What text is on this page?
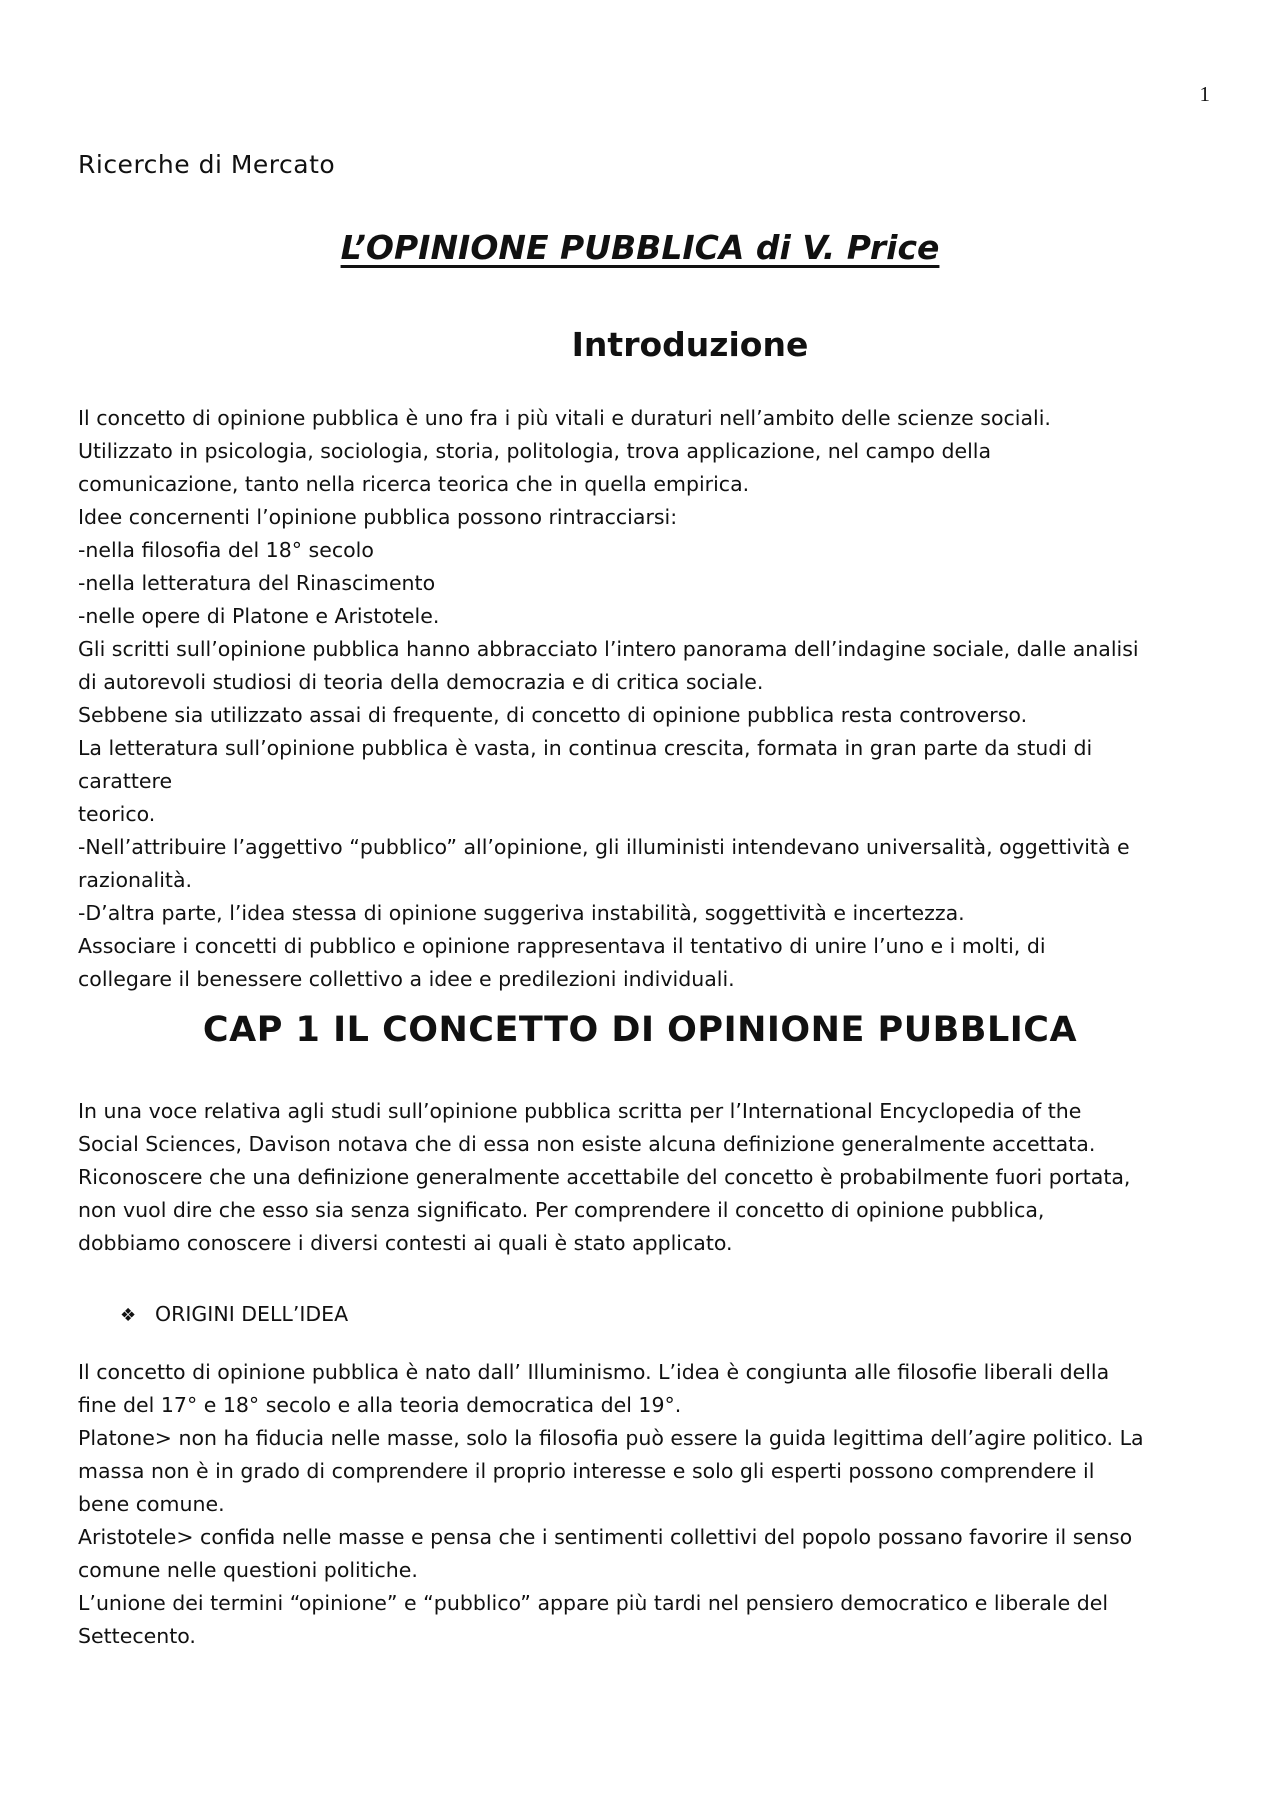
1
Ricerche di Mercato
L’OPINIONE PUBBLICA di V. Price
Introduzione

Il concetto di opinione pubblica è uno fra i più vitali e duraturi nell’ambito delle scienze sociali.

Utilizzato in psicologia, sociologia, storia, politologia, trova applicazione, nel campo della

comunicazione, tanto nella ricerca teorica che in quella empirica.

Idee concernenti l’opinione pubblica possono rintracciarsi:

-nella filosofia del 18° secolo

-nella letteratura del Rinascimento

-nelle opere di Platone e Aristotele.

Gli scritti sull’opinione pubblica hanno abbracciato l’intero panorama dell’indagine sociale, dalle analisi

di autorevoli studiosi di teoria della democrazia e di critica sociale.

Sebbene sia utilizzato assai di frequente, di concetto di opinione pubblica resta controverso.

La letteratura sull’opinione pubblica è vasta, in continua crescita, formata in gran parte da studi di

carattere

teorico.

-Nell’attribuire l’aggettivo “pubblico” all’opinione, gli illuministi intendevano universalità, oggettività e

razionalità.

-D’altra parte, l’idea stessa di opinione suggeriva instabilità, soggettività e incertezza.

Associare i concetti di pubblico e opinione rappresentava il tentativo di unire l’uno e i molti, di

collegare il benessere collettivo a idee e predilezioni individuali.

CAP 1 IL CONCETTO DI OPINIONE PUBBLICA

In una voce relativa agli studi sull’opinione pubblica scritta per l’International Encyclopedia of the

Social Sciences, Davison notava che di essa non esiste alcuna definizione generalmente accettata.

Riconoscere che una definizione generalmente accettabile del concetto è probabilmente fuori portata,

non vuol dire che esso sia senza significato. Per comprendere il concetto di opinione pubblica,

dobbiamo conoscere i diversi contesti ai quali è stato applicato.

❖ ORIGINI DELL’IDEA

Il concetto di opinione pubblica è nato dall’ Illuminismo. L’idea è congiunta alle filosofie liberali della

fine del 17° e 18° secolo e alla teoria democratica del 19°.

Platone> non ha fiducia nelle masse, solo la filosofia può essere la guida legittima dell’agire politico. La

massa non è in grado di comprendere il proprio interesse e solo gli esperti possono comprendere il

bene comune.

Aristotele> confida nelle masse e pensa che i sentimenti collettivi del popolo possano favorire il senso

comune nelle questioni politiche.

L’unione dei termini “opinione” e “pubblico” appare più tardi nel pensiero democratico e liberale del

Settecento.
